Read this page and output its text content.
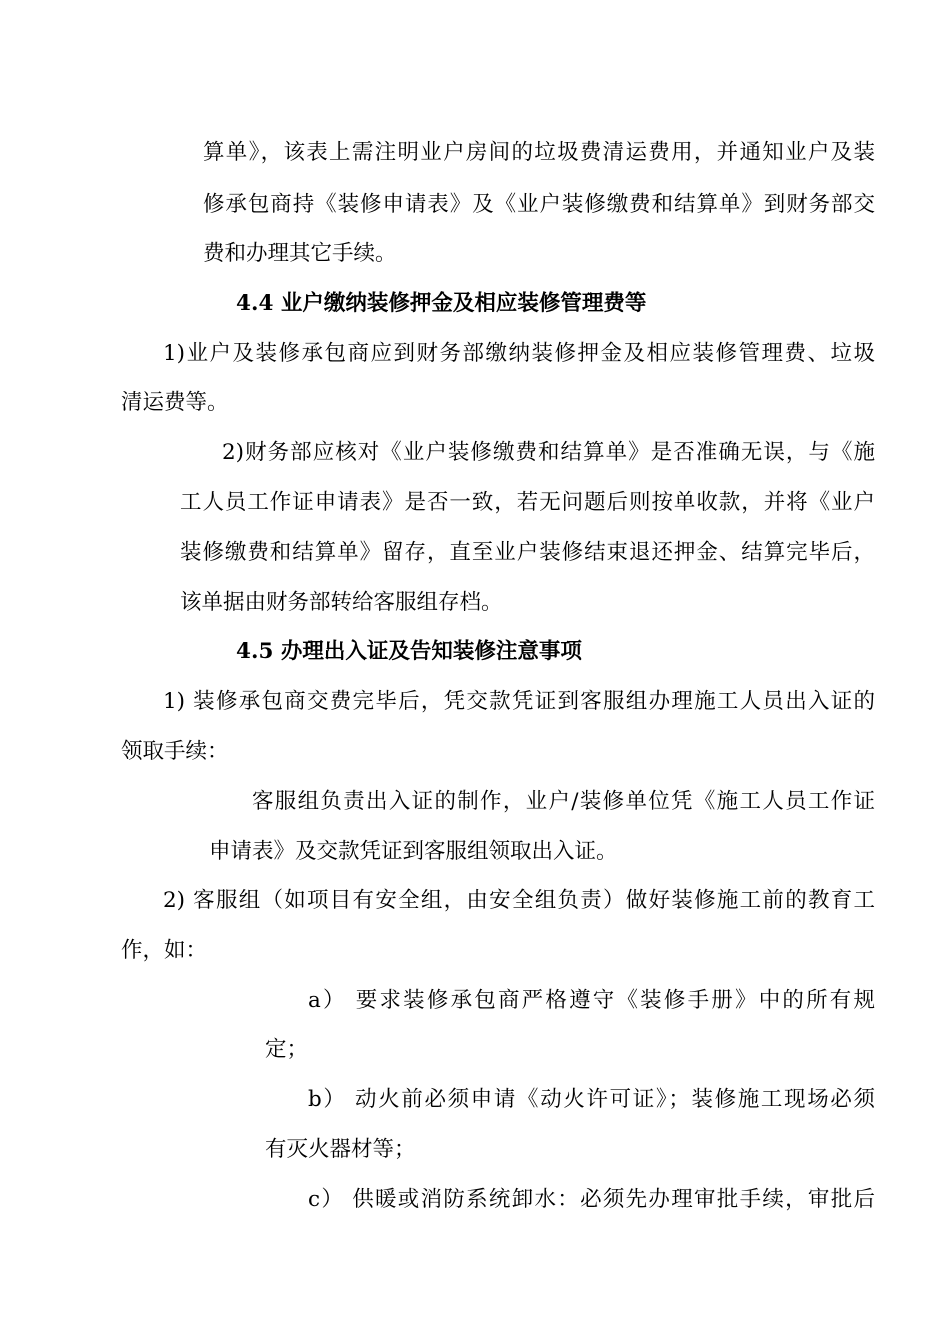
算单》，该表上需注明业户房间的垃圾费清运费用，并通知业户及装
修承包商持《装修申请表》及《业户装修缴费和结算单》到财务部交
费和办理其它手续。
4.4 业户缴纳装修押金及相应装修管理费等
1)业户及装修承包商应到财务部缴纳装修押金及相应装修管理费、垃圾
清运费等。
2)财务部应核对《业户装修缴费和结算单》是否准确无误，与《施
工人员工作证申请表》是否一致，若无问题后则按单收款，并将《业户
装修缴费和结算单》留存，直至业户装修结束退还押金、结算完毕后，
该单据由财务部转给客服组存档。
4.5 办理出入证及告知装修注意事项
1) 装修承包商交费完毕后，凭交款凭证到客服组办理施工人员出入证的
领取手续：
客服组负责出入证的制作，业户/装修单位凭《施工人员工作证
申请表》及交款凭证到客服组领取出入证。
2) 客服组（如项目有安全组，由安全组负责）做好装修施工前的教育工
作，如：
a） 要求装修承包商严格遵守《装修手册》中的所有规
定；
b） 动火前必须申请《动火许可证》；装修施工现场必须
有灭火器材等；
c） 供暖或消防系统卸水：必须先办理审批手续，审批后
